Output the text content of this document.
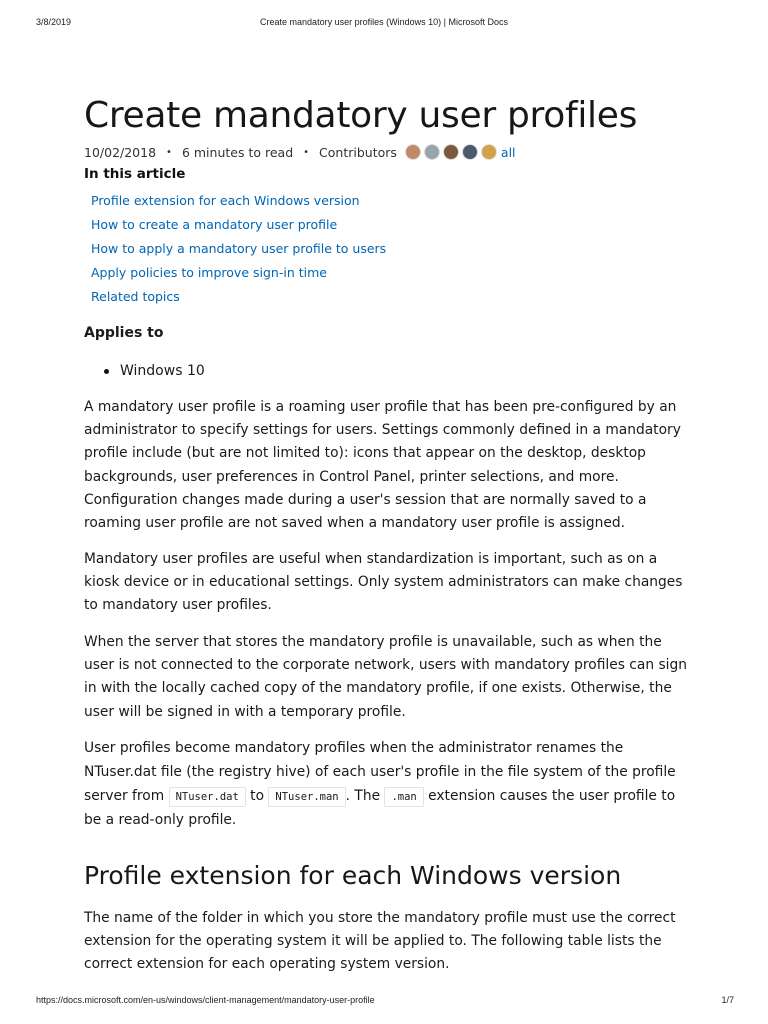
3/8/2019	Create mandatory user profiles (Windows 10) | Microsoft Docs
Create mandatory user profiles
10/02/2018 • 6 minutes to read • Contributors	all
In this article
Profile extension for each Windows version
How to create a mandatory user profile
How to apply a mandatory user profile to users
Apply policies to improve sign-in time
Related topics
Applies to
Windows 10

A mandatory user profile is a roaming user profile that has been pre-configured by an administrator to specify settings for users. Settings commonly defined in a mandatory profile include (but are not limited to): icons that appear on the desktop, desktop backgrounds, user preferences in Control Panel, printer selections, and more. Configuration changes made during a user's session that are normally saved to a roaming user profile are not saved when a mandatory user profile is assigned.

Mandatory user profiles are useful when standardization is important, such as on a kiosk device or in educational settings. Only system administrators can make changes to mandatory user profiles.

When the server that stores the mandatory profile is unavailable, such as when the user is not connected to the corporate network, users with mandatory profiles can sign in with the locally cached copy of the mandatory profile, if one exists. Otherwise, the user will be signed in with a temporary profile.

User profiles become mandatory profiles when the administrator renames the NTuser.dat file (the registry hive) of each user's profile in the file system of the profile server from NTuser.dat to NTuser.man . The .man extension causes the user profile to be a read-only profile.

Profile extension for each Windows version

The name of the folder in which you store the mandatory profile must use the correct extension for the operating system it will be applied to. The following table lists the correct extension for each operating system version.

https://docs.microsoft.com/en-us/windows/client-management/mandatory-user-profile	1/7
